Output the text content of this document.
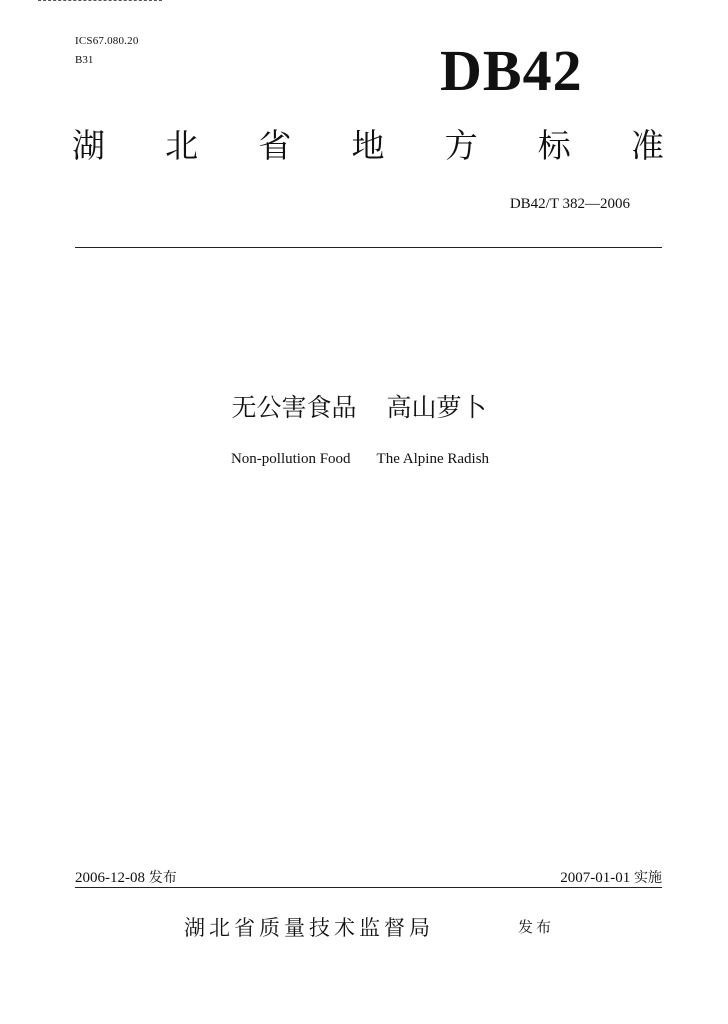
ICS67.080.20
B31	DB42
湖 北 省 地 方 标 准
DB42/T 382—2006
无公害食品 高山萝卜
Non-pollution Food The Alpine Radish
2006-12-08 发布	2007-01-01 实施
湖北省质量技术监督局	发布
